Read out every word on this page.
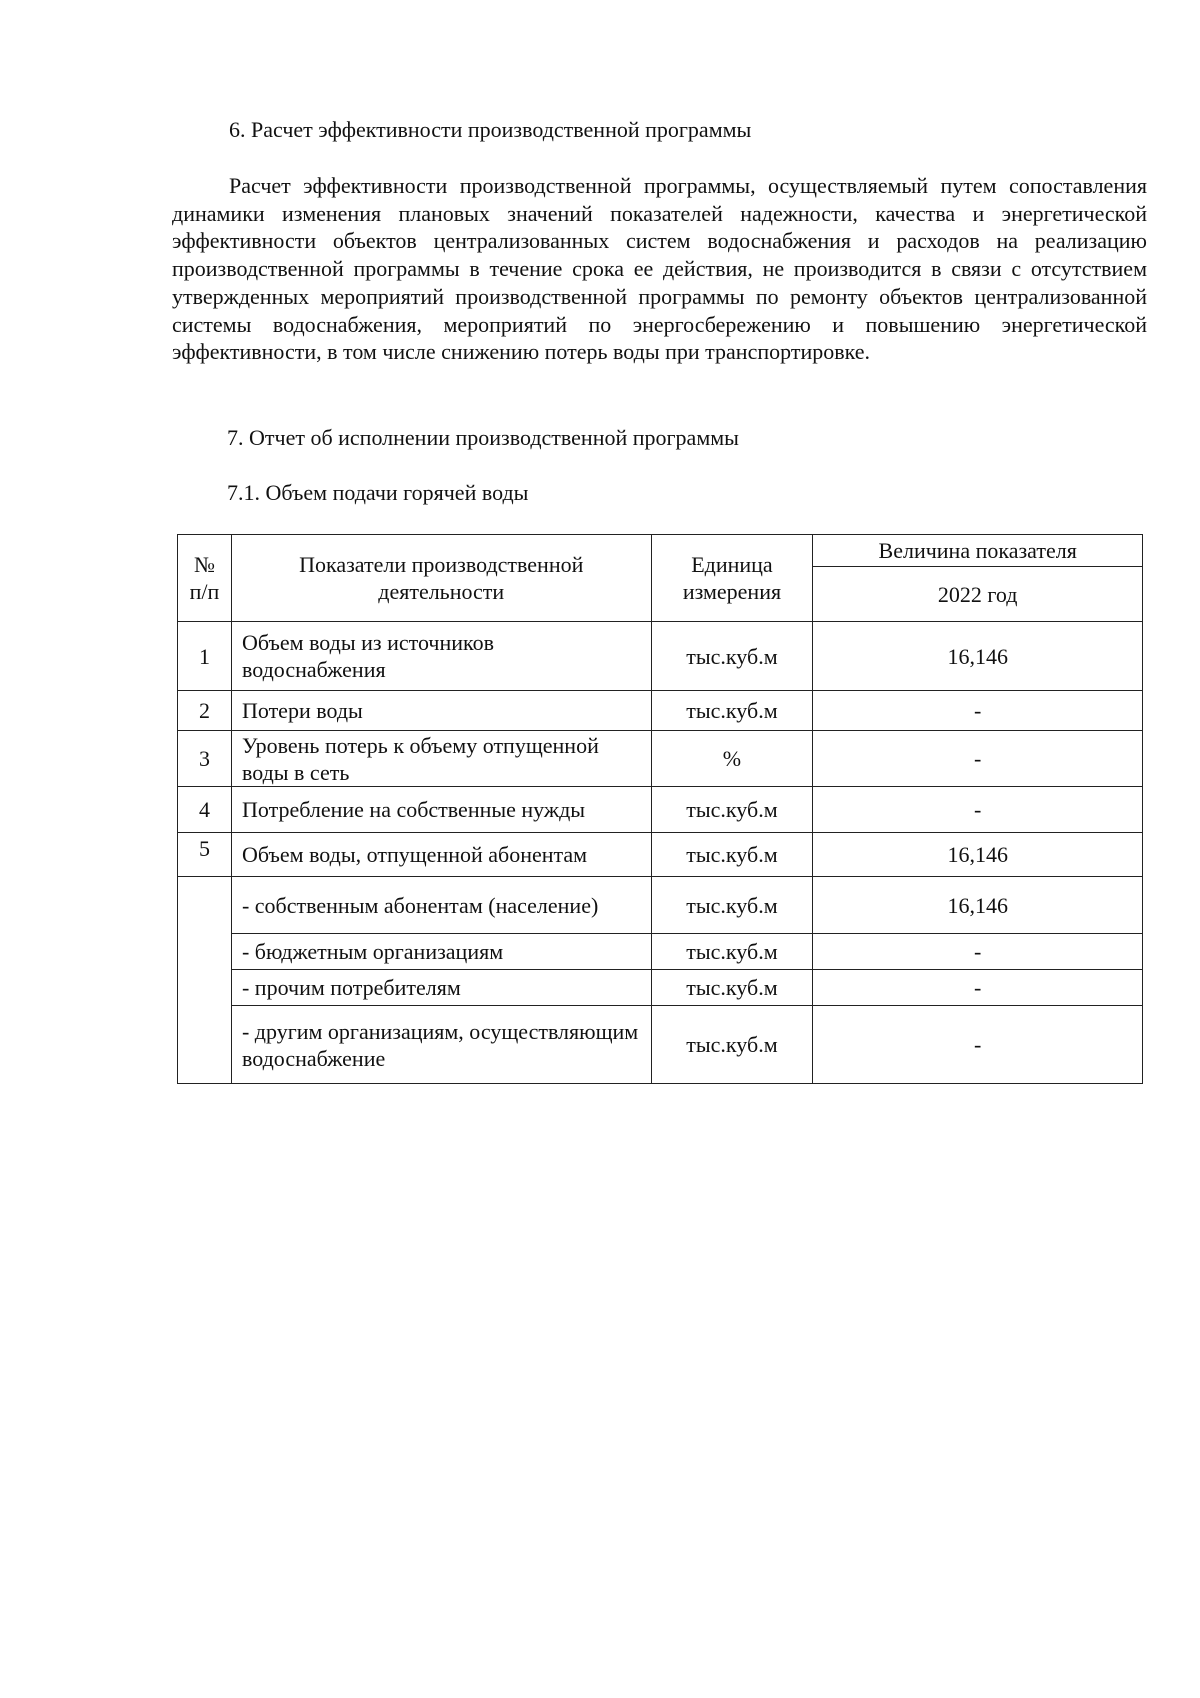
6. Расчет эффективности производственной программы

Расчет эффективности производственной программы, осуществляемый путем сопоставления динамики изменения плановых значений показателей надежности, качества и энергетической эффективности объектов централизованных систем водоснабжения и расходов на реализацию производственной программы в течение срока ее действия, не производится в связи с отсутствием утвержденных мероприятий производственной программы по ремонту объектов централизованной системы водоснабжения, мероприятий по энергосбережению и повышению энергетической эффективности, в том числе снижению потерь воды при транспортировке.

7. Отчет об исполнении производственной программы
7.1. Объем подачи горячей воды
№ п/п	Показатели производственной деятельности	Единица измерения	Величина показателя
			2022 год
1	Объем воды из источников водоснабжения	тыс.куб.м	16,146
2	Потери воды	тыс.куб.м	-
3	Уровень потерь к объему отпущенной воды в сеть	%	-
4	Потребление на собственные нужды	тыс.куб.м	-
5	Объем воды, отпущенной абонентам	тыс.куб.м	16,146
	- собственным абонентам (население)	тыс.куб.м	16,146
	- бюджетным организациям	тыс.куб.м	-
	- прочим потребителям	тыс.куб.м	-
	- другим организациям, осуществляющим водоснабжение	тыс.куб.м	-
